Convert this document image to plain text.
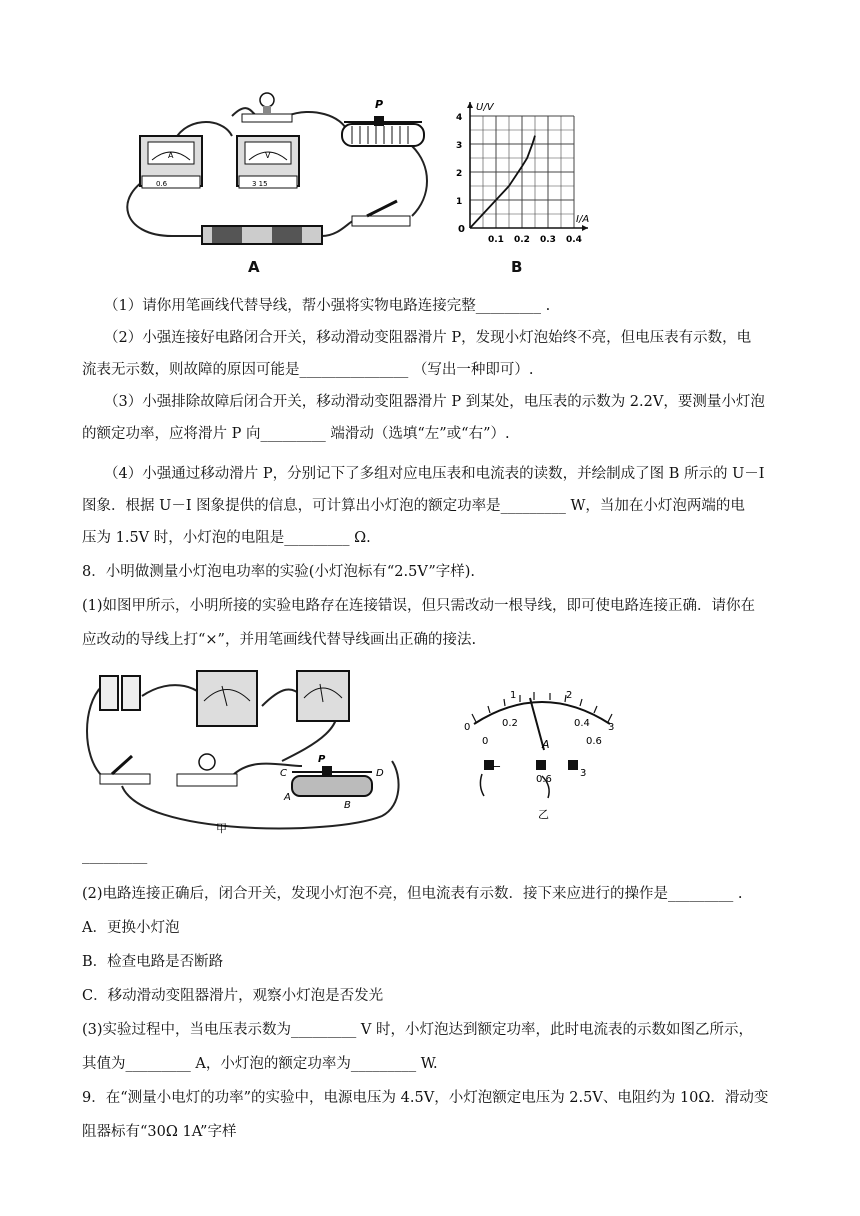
A
0.6
V
3 15
P
A
U/V
I/A
0
0.1 0.2 0.3 0.4
1
2
3
4
B
（1）请你用笔画线代替导线，帮小强将实物电路连接完整_________ .
（2）小强连接好电路闭合开关，移动滑动变阻器滑片 P，发现小灯泡始终不亮，但电压表有示数，电
流表无示数，则故障的原因可能是_______________ （写出一种即可）.
（3）小强排除故障后闭合开关，移动滑动变阻器滑片 P 到某处，电压表的示数为 2.2V，要测量小灯泡
的额定功率，应将滑片 P 向_________ 端滑动（选填“左”或“右”）.
（4）小强通过移动滑片 P，分别记下了多组对应电压表和电流表的读数，并绘制成了图 B 所示的 U－I
图象．根据 U－I 图象提供的信息，可计算出小灯泡的额定功率是_________ W，当加在小灯泡两端的电
压为 1.5V 时，小灯泡的电阻是_________ Ω.
8．小明做测量小灯泡电功率的实验(小灯泡标有“2.5V”字样).
(1)如图甲所示，小明所接的实验电路存在连接错误，但只需改动一根导线，即可使电路连接正确．请你在
应改动的导线上打“×”，并用笔画线代替导线画出正确的接法.
P
C	D
A
B
甲
0
1	2
3
0
0.2	0.4
0.6
A
−
0.6
3
乙
_________
(2)电路连接正确后，闭合开关，发现小灯泡不亮，但电流表有示数．接下来应进行的操作是_________ .
A．更换小灯泡
B．检查电路是否断路
C．移动滑动变阻器滑片，观察小灯泡是否发光
(3)实验过程中，当电压表示数为_________ V 时，小灯泡达到额定功率，此时电流表的示数如图乙所示，
其值为_________ A，小灯泡的额定功率为_________ W.
9．在“测量小电灯的功率”的实验中，电源电压为 4.5V，小灯泡额定电压为 2.5V、电阻约为 10Ω．滑动变
阻器标有“30Ω 1A”字样
